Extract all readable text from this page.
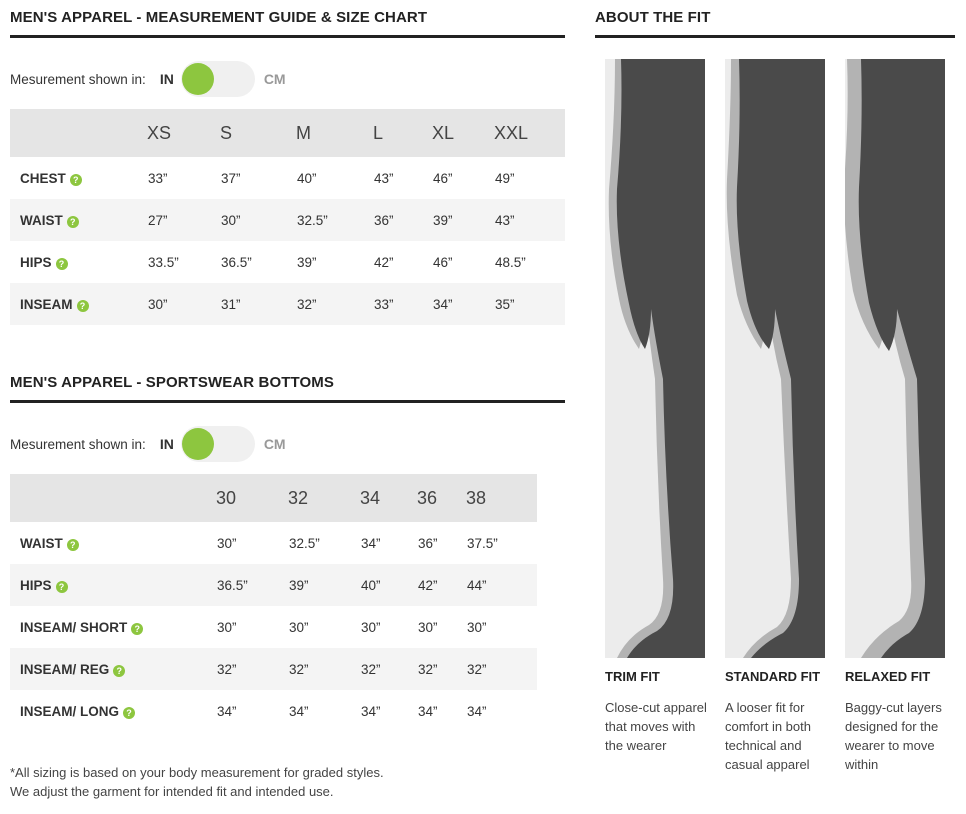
MEN'S APPAREL - MEASUREMENT GUIDE & SIZE CHART
Mesurement shown in: IN	CM
	XS	S	M	L	XL	XXL
CHEST ?	33”	37”	40”	43”	46”	49”
WAIST ?	27”	30”	32.5”	36”	39”	43”
HIPS ?	33.5”	36.5”	39”	42”	46”	48.5”
INSEAM ?	30”	31”	32”	33”	34”	35”
MEN'S APPAREL - SPORTSWEAR BOTTOMS
Mesurement shown in: IN	CM
	30	32	34	36	38
WAIST ?	30”	32.5”	34”	36”	37.5”
HIPS ?	36.5”	39”	40”	42”	44”
INSEAM/ SHORT ?	30”	30”	30”	30”	30”
INSEAM/ REG ?	32”	32”	32”	32”	32”
INSEAM/ LONG ?	34”	34”	34”	34”	34”
*All sizing is based on your body measurement for graded styles.
We adjust the garment for intended fit and intended use.
ABOUT THE FIT
TRIM FIT
Close-cut apparel that moves with the wearer
STANDARD FIT
A looser fit for comfort in both technical and casual apparel
RELAXED FIT
Baggy-cut layers designed for the wearer to move within
